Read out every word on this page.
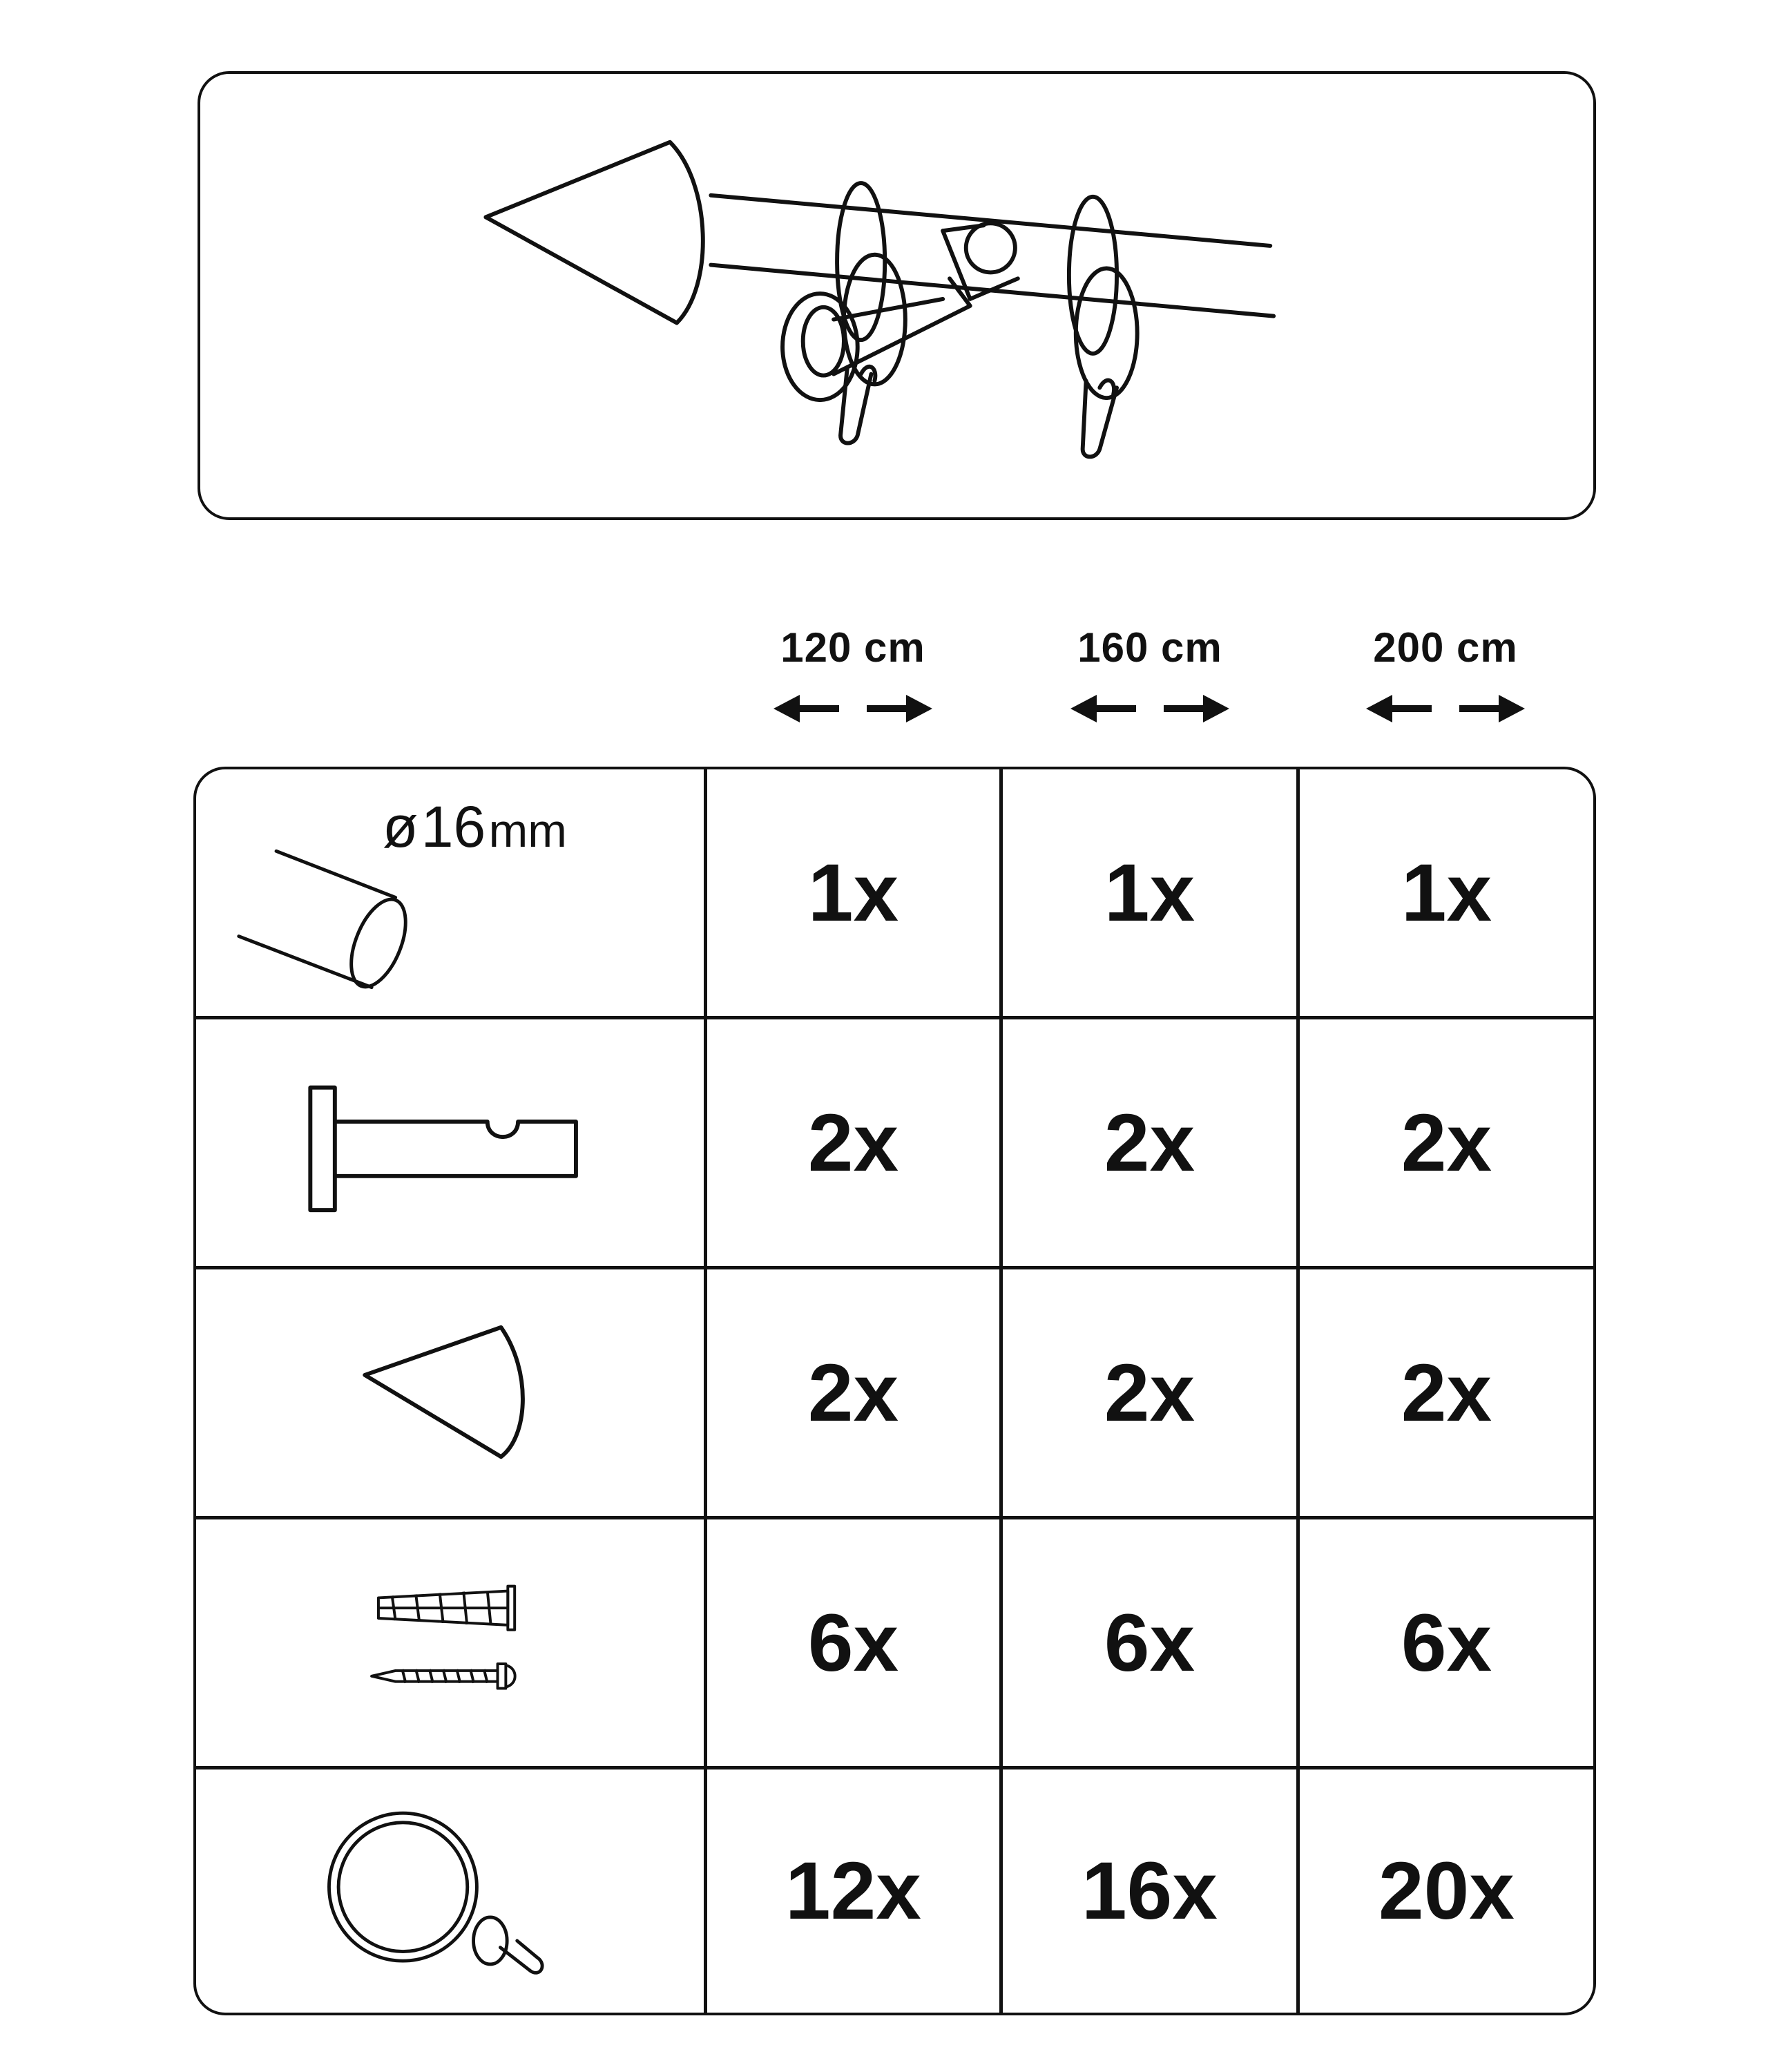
120 cm	160 cm	200 cm
ø 16 mm
1x	1x	1x
2x	2x	2x
2x	2x	2x
6x	6x	6x
12x 16x 20x
